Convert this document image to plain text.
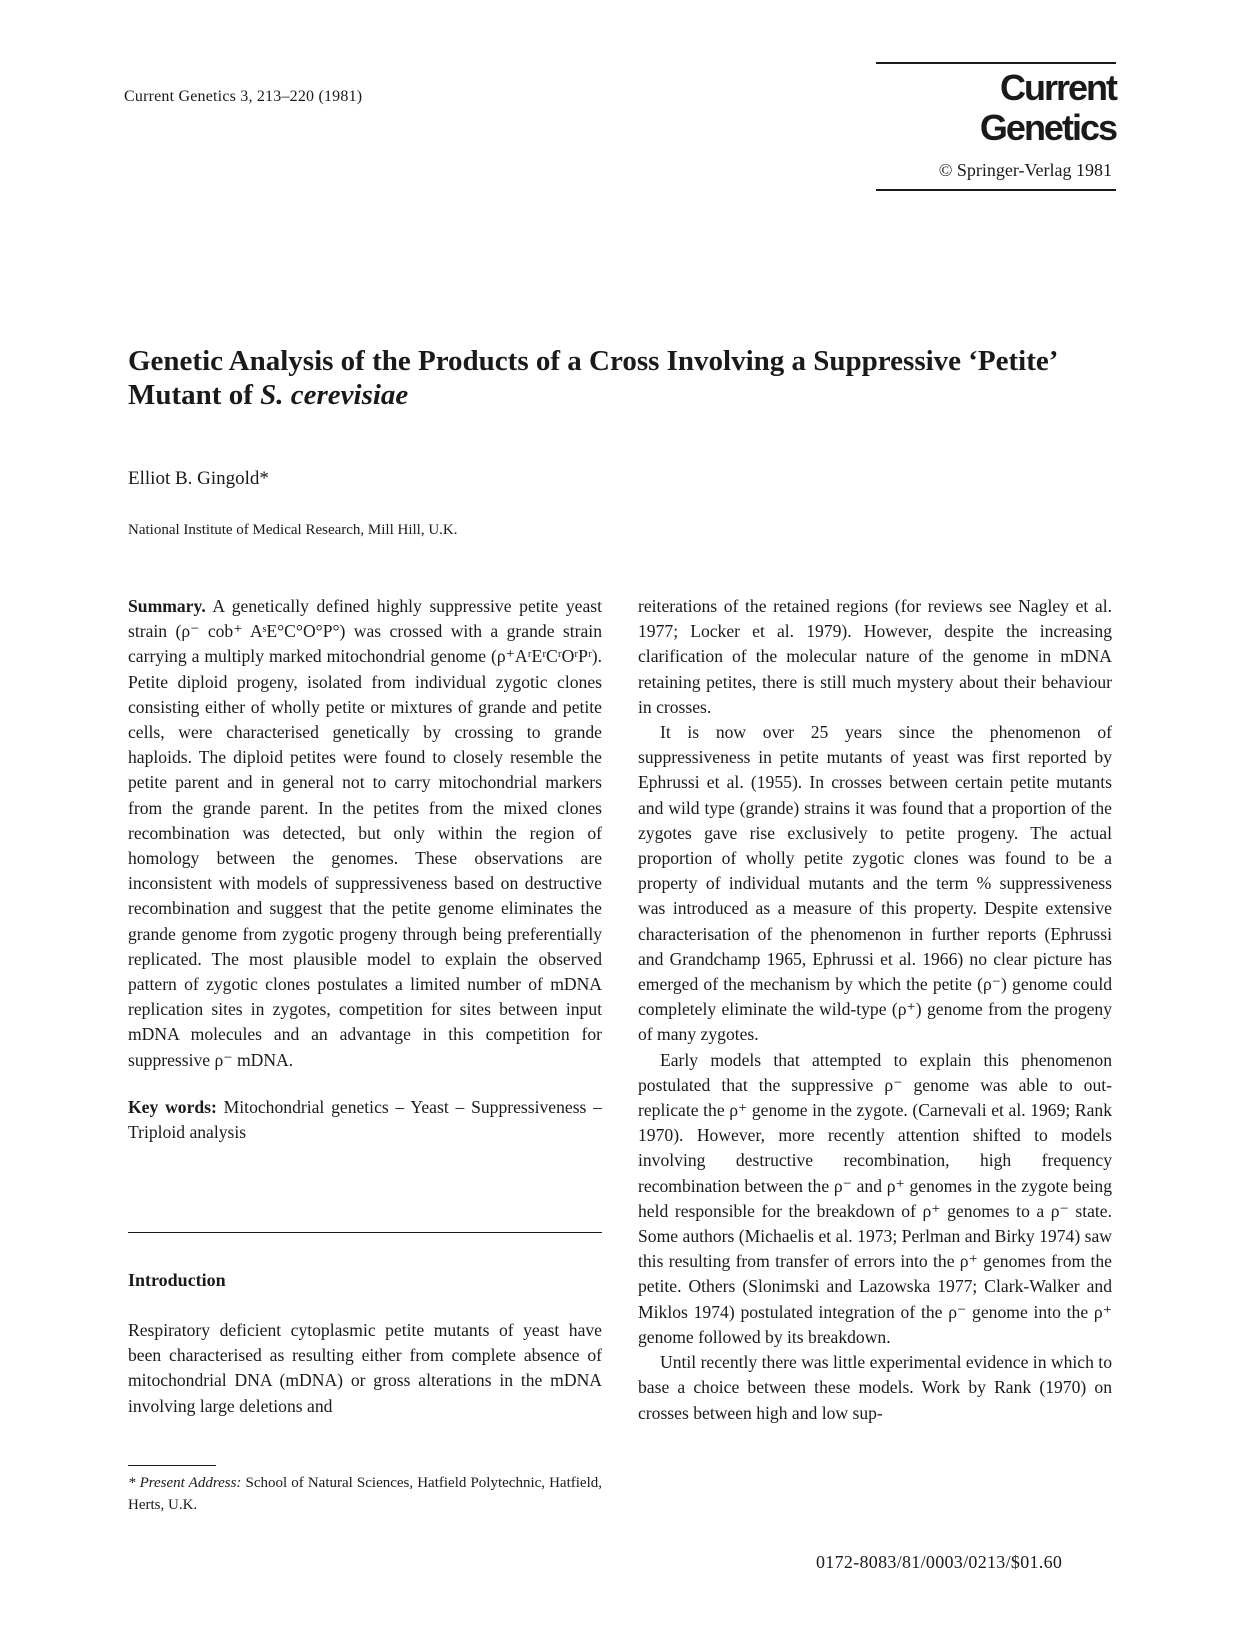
Current Genetics 3, 213–220 (1981)	Current Genetics
© Springer-Verlag 1981
Genetic Analysis of the Products of a Cross Involving a Suppressive ‘Petite’ Mutant of S. cerevisiae
Elliot B. Gingold*
National Institute of Medical Research, Mill Hill, U.K.

Summary. A genetically defined highly suppressive petite yeast strain (ρ⁻ cob⁺ AˢE°C°O°P°) was crossed with a grande strain carrying a multiply marked mitochondrial genome (ρ⁺AʳEʳCʳOʳPʳ). Petite diploid progeny, isolated from individual zygotic clones consisting either of wholly petite or mixtures of grande and petite cells, were characterised genetically by crossing to grande haploids. The diploid petites were found to closely resemble the petite parent and in general not to carry mitochondrial markers from the grande parent. In the petites from the mixed clones recombination was detected, but only within the region of homology between the genomes. These observations are inconsistent with models of suppressiveness based on destructive recombination and suggest that the petite genome eliminates the grande genome from zygotic progeny through being preferentially replicated. The most plausible model to explain the observed pattern of zygotic clones postulates a limited number of mDNA replication sites in zygotes, competition for sites between input mDNA molecules and an advantage in this competition for suppressive ρ⁻ mDNA.

Key words: Mitochondrial genetics – Yeast – Suppressiveness – Triploid analysis

Introduction

Respiratory deficient cytoplasmic petite mutants of yeast have been characterised as resulting either from complete absence of mitochondrial DNA (mDNA) or gross alterations in the mDNA involving large deletions and

* Present Address: School of Natural Sciences, Hatfield Polytechnic, Hatfield, Herts, U.K.

reiterations of the retained regions (for reviews see Nagley et al. 1977; Locker et al. 1979). However, despite the increasing clarification of the molecular nature of the genome in mDNA retaining petites, there is still much mystery about their behaviour in crosses.

It is now over 25 years since the phenomenon of suppressiveness in petite mutants of yeast was first reported by Ephrussi et al. (1955). In crosses between certain petite mutants and wild type (grande) strains it was found that a proportion of the zygotes gave rise exclusively to petite progeny. The actual proportion of wholly petite zygotic clones was found to be a property of individual mutants and the term % suppressiveness was introduced as a measure of this property. Despite extensive characterisation of the phenomenon in further reports (Ephrussi and Grandchamp 1965, Ephrussi et al. 1966) no clear picture has emerged of the mechanism by which the petite (ρ⁻) genome could completely eliminate the wild-type (ρ⁺) genome from the progeny of many zygotes.

Early models that attempted to explain this phenomenon postulated that the suppressive ρ⁻ genome was able to out-replicate the ρ⁺ genome in the zygote. (Carnevali et al. 1969; Rank 1970). However, more recently attention shifted to models involving destructive recombination, high frequency recombination between the ρ⁻ and ρ⁺ genomes in the zygote being held responsible for the breakdown of ρ⁺ genomes to a ρ⁻ state. Some authors (Michaelis et al. 1973; Perlman and Birky 1974) saw this resulting from transfer of errors into the ρ⁺ genomes from the petite. Others (Slonimski and Lazowska 1977; Clark-Walker and Miklos 1974) postulated integration of the ρ⁻ genome into the ρ⁺ genome followed by its breakdown.

Until recently there was little experimental evidence in which to base a choice between these models. Work by Rank (1970) on crosses between high and low sup-

0172-8083/81/0003/0213/$01.60
